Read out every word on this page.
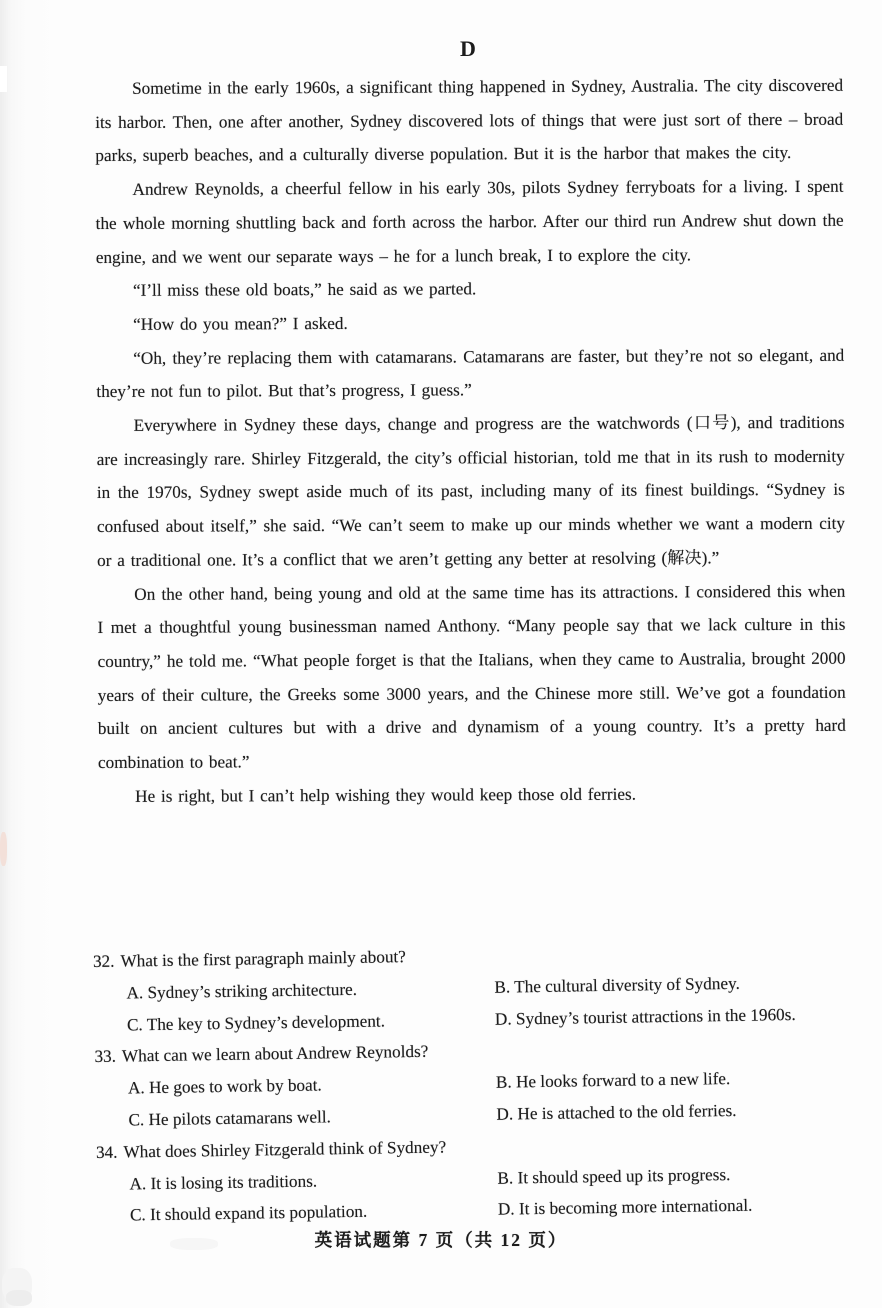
D

Sometime in the early 1960s, a significant thing happened in Sydney, Australia. The city discovered its harbor. Then, one after another, Sydney discovered lots of things that were just sort of there – broad parks, superb beaches, and a culturally diverse population. But it is the harbor that makes the city.

Andrew Reynolds, a cheerful fellow in his early 30s, pilots Sydney ferryboats for a living. I spent the whole morning shuttling back and forth across the harbor. After our third run Andrew shut down the engine, and we went our separate ways – he for a lunch break, I to explore the city.

“I’ll miss these old boats,” he said as we parted.

“How do you mean?” I asked.

“Oh, they’re replacing them with catamarans. Catamarans are faster, but they’re not so elegant, and they’re not fun to pilot. But that’s progress, I guess.”

Everywhere in Sydney these days, change and progress are the watchwords (口号), and traditions are increasingly rare. Shirley Fitzgerald, the city’s official historian, told me that in its rush to modernity in the 1970s, Sydney swept aside much of its past, including many of its finest buildings. “Sydney is confused about itself,” she said. “We can’t seem to make up our minds whether we want a modern city or a traditional one. It’s a conflict that we aren’t getting any better at resolving (解决).”

On the other hand, being young and old at the same time has its attractions. I considered this when I met a thoughtful young businessman named Anthony. “Many people say that we lack culture in this country,” he told me. “What people forget is that the Italians, when they came to Australia, brought 2000 years of their culture, the Greeks some 3000 years, and the Chinese more still. We’ve got a foundation built on ancient cultures but with a drive and dynamism of a young country. It’s a pretty hard combination to beat.”

He is right, but I can’t help wishing they would keep those old ferries.

32. What is the first paragraph mainly about?
A. Sydney’s striking architecture.	B. The cultural diversity of Sydney.
C. The key to Sydney’s development.	D. Sydney’s tourist attractions in the 1960s.
33. What can we learn about Andrew Reynolds?
A. He goes to work by boat.	B. He looks forward to a new life.
C. He pilots catamarans well.	D. He is attached to the old ferries.
34. What does Shirley Fitzgerald think of Sydney?
A. It is losing its traditions.	B. It should speed up its progress.
C. It should expand its population.	D. It is becoming more international.
英语试题第 7 页（共 12 页）
